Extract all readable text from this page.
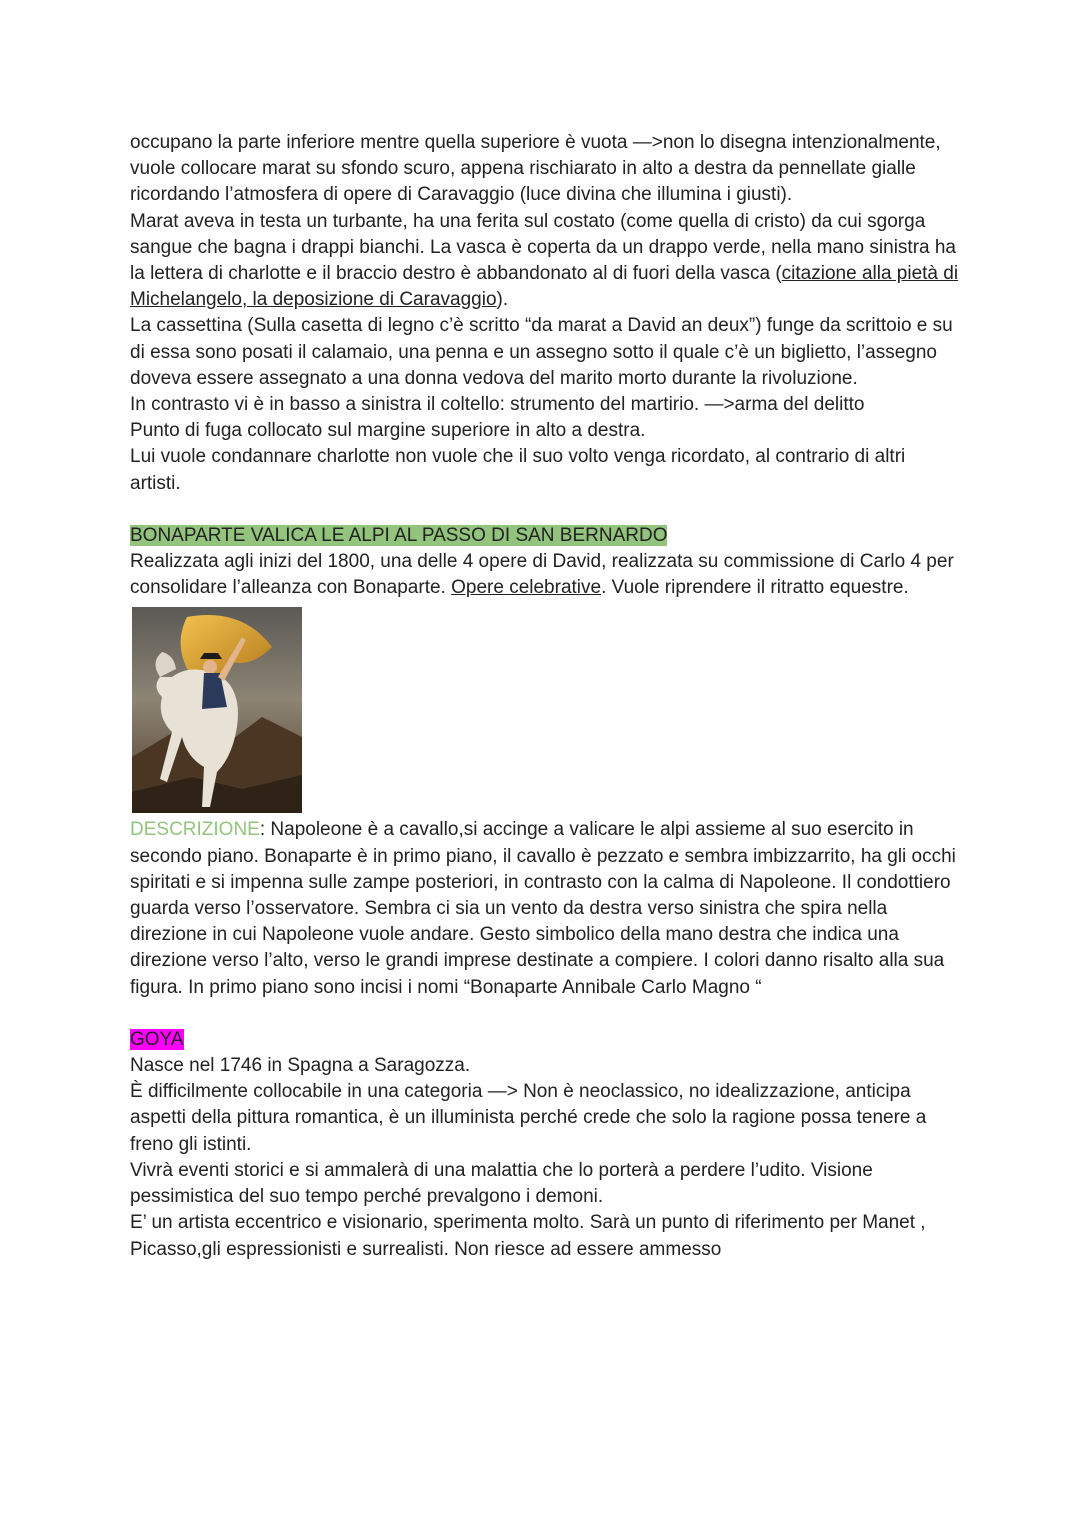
occupano la parte inferiore mentre quella superiore è vuota —>non lo disegna intenzionalmente, vuole collocare marat su sfondo scuro, appena rischiarato in alto a destra da pennellate gialle ricordando l’atmosfera di opere di Caravaggio (luce divina che illumina i giusti).

Marat aveva in testa un turbante, ha una ferita sul costato (come quella di cristo) da cui sgorga sangue che bagna i drappi bianchi. La vasca è coperta da un drappo verde, nella mano sinistra ha la lettera di charlotte e il braccio destro è abbandonato al di fuori della vasca (citazione alla pietà di Michelangelo, la deposizione di Caravaggio).

La cassettina (Sulla casetta di legno c’è scritto “da marat a David an deux”) funge da scrittoio e su di essa sono posati il calamaio, una penna e un assegno sotto il quale c’è un biglietto, l’assegno doveva essere assegnato a una donna vedova del marito morto durante la rivoluzione.

In contrasto vi è in basso a sinistra il coltello: strumento del martirio. —>arma del delitto

Punto di fuga collocato sul margine superiore in alto a destra.

Lui vuole condannare charlotte non vuole che il suo volto venga ricordato, al contrario di altri artisti.

BONAPARTE VALICA LE ALPI AL PASSO DI SAN BERNARDO

Realizzata agli inizi del 1800, una delle 4 opere di David, realizzata su commissione di Carlo 4 per consolidare l’alleanza con Bonaparte. Opere celebrative. Vuole riprendere il ritratto equestre.

DESCRIZIONE: Napoleone è a cavallo,si accinge a valicare le alpi assieme al suo esercito in secondo piano. Bonaparte è in primo piano, il cavallo è pezzato e sembra imbizzarrito, ha gli occhi spiritati e si impenna sulle zampe posteriori, in contrasto con la calma di Napoleone. Il condottiero guarda verso l’osservatore. Sembra ci sia un vento da destra verso sinistra che spira nella direzione in cui Napoleone vuole andare. Gesto simbolico della mano destra che indica una direzione verso l’alto, verso le grandi imprese destinate a compiere. I colori danno risalto alla sua figura. In primo piano sono incisi i nomi “Bonaparte Annibale Carlo Magno “

GOYA

Nasce nel 1746 in Spagna a Saragozza.

È difficilmente collocabile in una categoria —> Non è neoclassico, no idealizzazione, anticipa aspetti della pittura romantica, è un illuminista perché crede che solo la ragione possa tenere a freno gli istinti.

Vivrà eventi storici e si ammalerà di una malattia che lo porterà a perdere l’udito. Visione pessimistica del suo tempo perché prevalgono i demoni.

E’ un artista eccentrico e visionario, sperimenta molto. Sarà un punto di riferimento per Manet , Picasso,gli espressionisti e surrealisti. Non riesce ad essere ammesso
